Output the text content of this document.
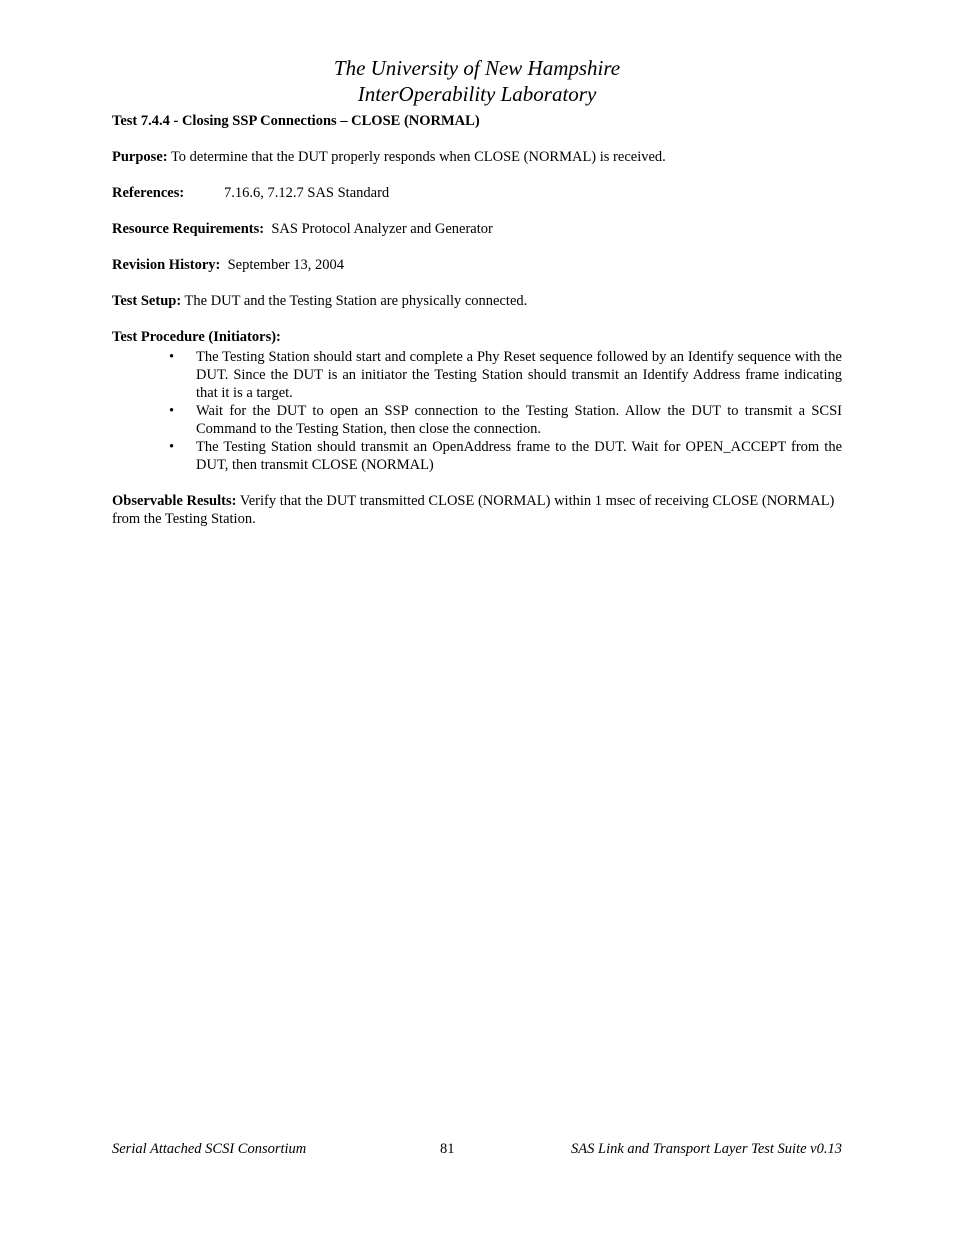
The University of New Hampshire
InterOperability Laboratory
Test 7.4.4 - Closing SSP Connections – CLOSE (NORMAL)
Purpose: To determine that the DUT properly responds when CLOSE (NORMAL) is received.
References:	7.16.6, 7.12.7 SAS Standard
Resource Requirements:  SAS Protocol Analyzer and Generator
Revision History:  September 13, 2004
Test Setup: The DUT and the Testing Station are physically connected.
Test Procedure (Initiators):
• The Testing Station should start and complete a Phy Reset sequence followed by an Identify sequence with the DUT. Since the DUT is an initiator the Testing Station should transmit an Identify Address frame indicating that it is a target.
• Wait for the DUT to open an SSP connection to the Testing Station. Allow the DUT to transmit a SCSI Command to the Testing Station, then close the connection.
• The Testing Station should transmit an OpenAddress frame to the DUT. Wait for OPEN_ACCEPT from the DUT, then transmit CLOSE (NORMAL)
Observable Results: Verify that the DUT transmitted CLOSE (NORMAL) within 1 msec of receiving CLOSE (NORMAL) from the Testing Station.
Serial Attached SCSI Consortium	81	SAS Link and Transport Layer Test Suite v0.13
